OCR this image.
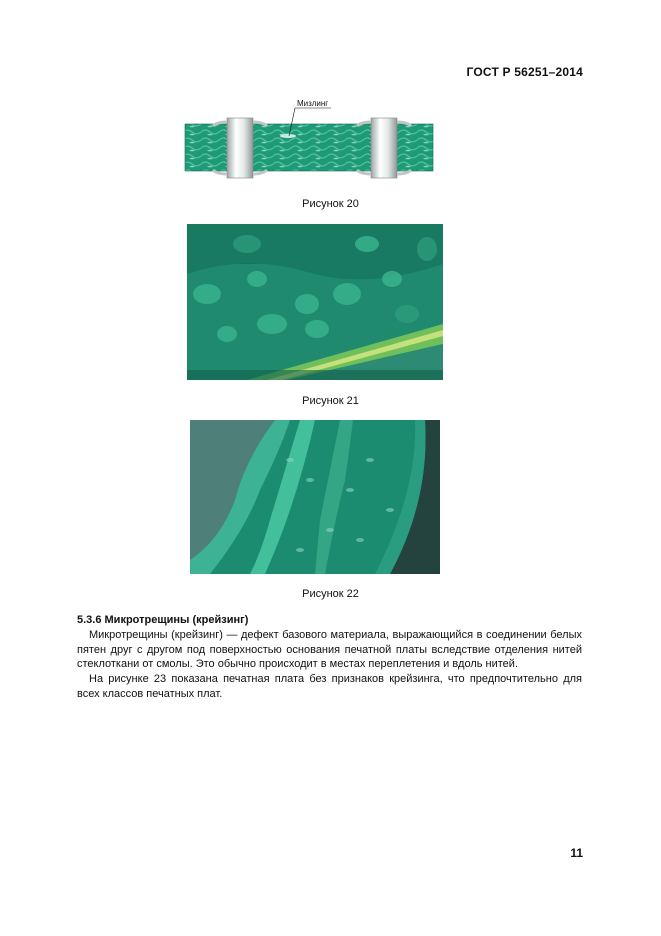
ГОСТ Р 56251–2014
Мизлинг
Рисунок 20
Рисунок 21
Рисунок 22
5.3.6 Микротрещины (крейзинг)

Микротрещины (крейзинг) — дефект базового материала, выражающийся в соединении белых пятен друг с другом под поверхностью основания печатной платы вследствие отделения нитей стеклоткани от смолы. Это обычно происходит в местах переплетения и вдоль нитей.

На рисунке 23 показана печатная плата без признаков крейзинга, что предпочтительно для всех классов печатных плат.

11
